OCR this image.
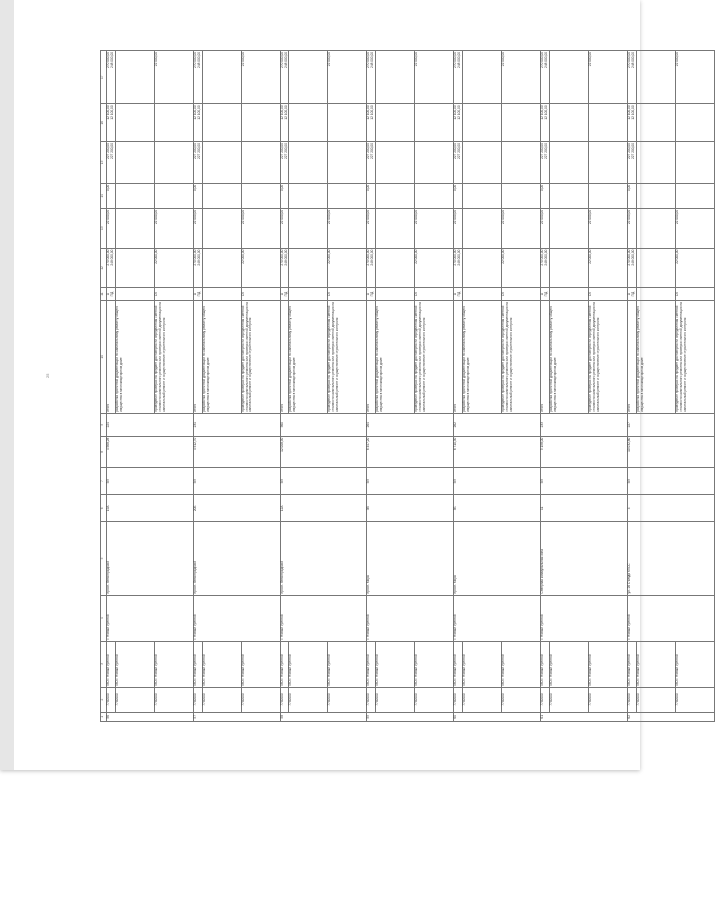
25
1	2	3	4	5	6	7	8	9	10	11	12	13	14	15	16	17
56	7740000	МО г. Новый Уренгой	г. Новый Уренгой	просп. Ленинградский	19А	5/9	4 568,28	224	итого	А ПД	270 000,00 248 000,00	22 000,00	0,00	227 200,00 227 200,00	12 100,00 12 100,00	270 000,00 248 000,00

	7740000	МО г. Новый Уренгой							разработка проектной документации по капитальному ремонту общего имущества в многоквартирном доме							
	7740000	МО г. Новый Уренгой							проведение проверки на предмет достоверности определения сметной стоимости капитального ремонта или проверки сметной документации на капитальный ремонт и осуществление строительного контроля	СК	22 000,00	22 000,00				22 000,00
57	7740000	МО г. Новый Уренгой	г. Новый Уренгой	просп. Ленинградский	20Б	5/9	4 912,70	231	итого	А ПД	270 000,00 248 000,00	22 000,00	0,00	227 200,00 227 200,00	12 100,00 12 100,00	270 000,00 248 000,00

	7740000	МО г. Новый Уренгой							разработка проектной документации по капитальному ремонту общего имущества в многоквартирном доме							
	7740000	МО г. Новый Уренгой							проведение проверки на предмет достоверности определения сметной стоимости капитального ремонта или проверки сметной документации на капитальный ремонт и осуществление строительного контроля	СК	22 000,00	22 000,00				22 000,00
58	7740000	МО г. Новый Уренгой	г. Новый Уренгой	просп. Ленинградский	12А	5/9	12 008,90	560	итого	А ПД	270 000,00 248 000,00	22 000,00	0,00	227 200,00 227 200,00	12 100,00 12 100,00	270 000,00 248 000,00

	7740000	МО г. Новый Уренгой							разработка проектной документации по капитальному ремонту общего имущества в многоквартирном доме							
	7740000	МО г. Новый Уренгой							проведение проверки на предмет достоверности определения сметной стоимости капитального ремонта или проверки сметной документации на капитальный ремонт и осуществление строительного контроля	СК	22 000,00	22 000,00				22 000,00
59	7740000	МО г. Новый Уренгой	г. Новый Уренгой	просп. Мира	3В	5/9	6 447,20	264	итого	А ПД	270 000,00 248 000,00	22 000,00	0,00	227 200,00 227 200,00	12 100,00 12 100,00	270 000,00 248 000,00

	7740000	МО г. Новый Уренгой							разработка проектной документации по капитальному ремонту общего имущества в многоквартирном доме							
	7740000	МО г. Новый Уренгой							проведение проверки на предмет достоверности определения сметной стоимости капитального ремонта или проверки сметной документации на капитальный ремонт и осуществление строительного контроля	СК	22 000,00	22 000,00				22 000,00
60	7740000	МО г. Новый Уренгой	г. Новый Уренгой	просп. Мира	5Б	5/9	6 710,30	262	итого	А ПД	270 000,00 248 000,00	22 000,00	0,00	227 200,00 227 200,00	12 100,00 12 100,00	270 000,00 248 000,00

	7740000	МО г. Новый Уренгой							разработка проектной документации по капитальному ремонту общего имущества в многоквартирном доме							
	7740000	МО г. Новый Уренгой							проведение проверки на предмет достоверности определения сметной стоимости капитального ремонта или проверки сметной документации на капитальный ремонт и осуществление строительного контроля	СК	22 000,00	22 000,00				22 000,00
61	7740000	МО г. Новый Уренгой	г. Новый Уренгой	Северная коммунальная зона	11	5/9	5 198,00	233	итого	А ПД	270 000,00 248 000,00	22 000,00	0,00	227 200,00 227 200,00	12 100,00 12 100,00	270 000,00 248 000,00

	7740000	МО г. Новый Уренгой							разработка проектной документации по капитальному ремонту общего имущества в многоквартирном доме							
	7740000	МО г. Новый Уренгой							проведение проверки на предмет достоверности определения сметной стоимости капитального ремонта или проверки сметной документации на капитальный ремонт и осуществление строительного контроля	СК	22 000,00	22 000,00				22 000,00
62	7740000	МО г. Новый Уренгой	г. Новый Уренгой	ул. 26 Съезда КПСС	4	5/9	10 032,80	227	итого	А ПД	270 000,00 248 000,00	22 000,00	0,00	227 200,00 227 200,00	12 100,00 12 100,00	270 000,00 248 000,00

	7740000	МО г. Новый Уренгой							разработка проектной документации по капитальному ремонту общего имущества в многоквартирном доме							
	7740000	МО г. Новый Уренгой							проведение проверки на предмет достоверности определения сметной стоимости капитального ремонта или проверки сметной документации на капитальный ремонт и осуществление строительного контроля	СК	22 000,00	22 000,00				22 000,00
